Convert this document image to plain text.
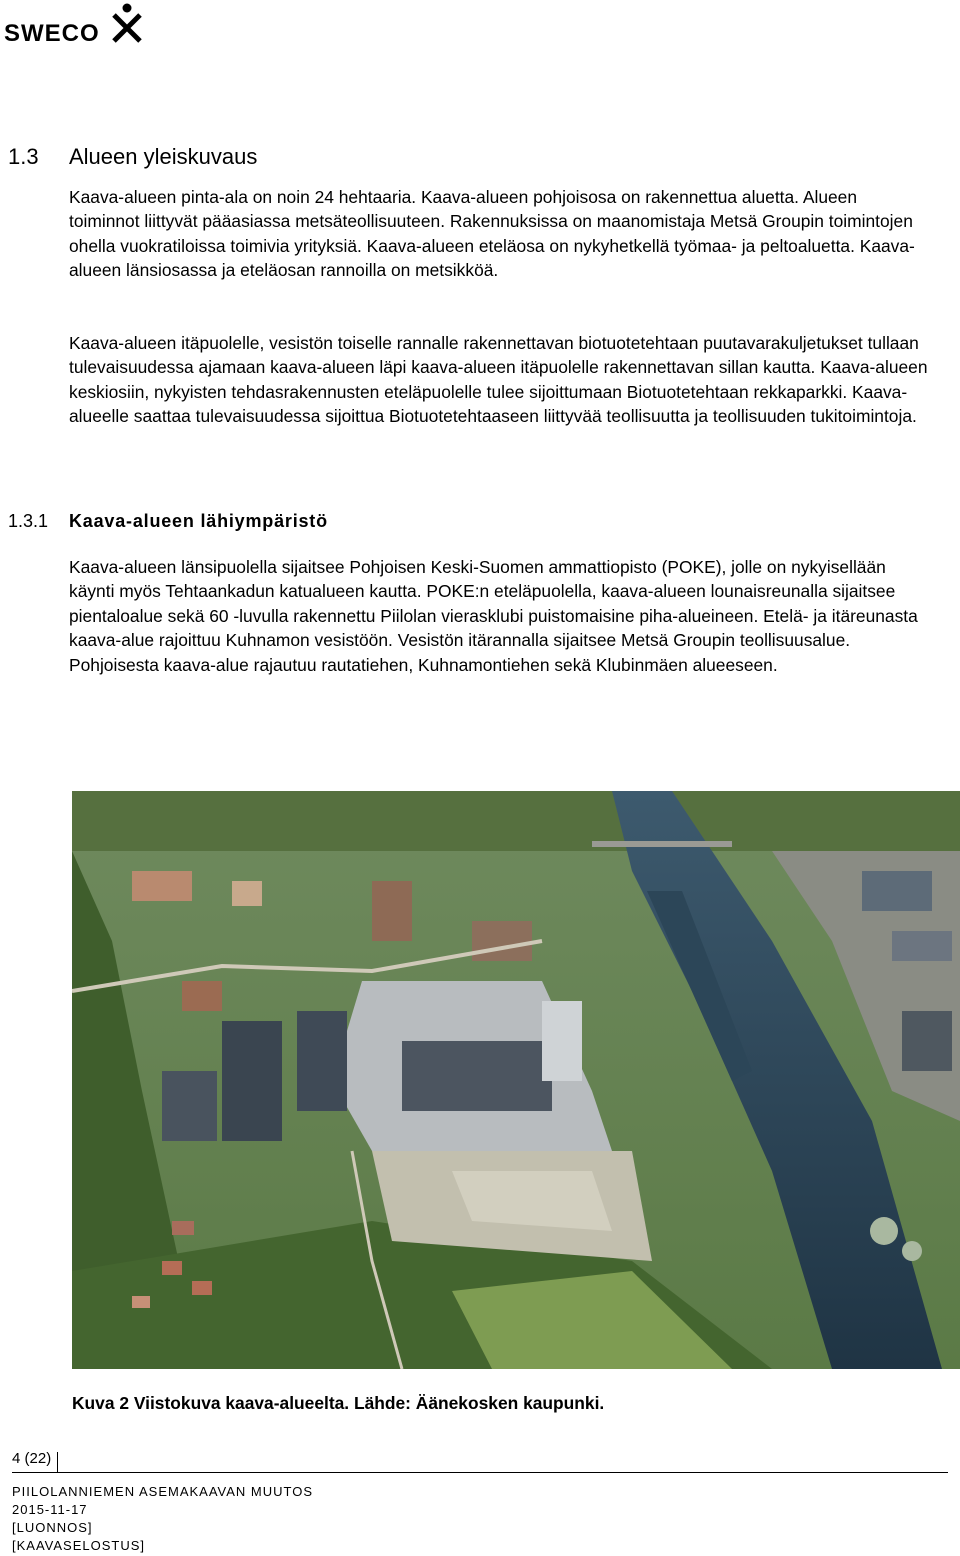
SWECO
1.3 Alueen yleiskuvaus

Kaava-alueen pinta-ala on noin 24 hehtaaria. Kaava-alueen pohjoisosa on rakennettua aluetta. Alueen toiminnot liittyvät pääasiassa metsäteollisuuteen. Rakennuksissa on maanomistaja Metsä Groupin toimintojen ohella vuokratiloissa toimivia yrityksiä. Kaava-alueen eteläosa on nykyhetkellä työmaa- ja peltoaluetta. Kaava-alueen länsiosassa ja eteläosan rannoilla on metsikköä.

Kaava-alueen itäpuolelle, vesistön toiselle rannalle rakennettavan biotuotetehtaan puutavarakuljetukset tullaan tulevaisuudessa ajamaan kaava-alueen läpi kaava-alueen itäpuolelle rakennettavan sillan kautta. Kaava-alueen keskiosiin, nykyisten tehdasrakennusten eteläpuolelle tulee sijoittumaan Biotuotetehtaan rekkaparkki. Kaava-alueelle saattaa tulevaisuudessa sijoittua Biotuotetehtaaseen liittyvää teollisuutta ja teollisuuden tukitoimintoja.

1.3.1 Kaava-alueen lähiympäristö

Kaava-alueen länsipuolella sijaitsee Pohjoisen Keski-Suomen ammattiopisto (POKE), jolle on nykyisellään käynti myös Tehtaankadun katualueen kautta. POKE:n eteläpuolella, kaava-alueen lounaisreunalla sijaitsee pientaloalue sekä 60 -luvulla rakennettu Piilolan vierasklubi puistomaisine piha-alueineen. Etelä- ja itäreunasta kaava-alue rajoittuu Kuhnamon vesistöön. Vesistön itärannalla sijaitsee Metsä Groupin teollisuusalue. Pohjoisesta kaava-alue rajautuu rautatiehen, Kuhnamontiehen sekä Klubinmäen alueeseen.

Kuva 2 Viistokuva kaava-alueelta. Lähde: Äänekosken kaupunki.

4 (22)
PIILOLANNIEMEN ASEMAKAAVAN MUUTOS
2015-11-17
[LUONNOS]
[KAAVASELOSTUS]
